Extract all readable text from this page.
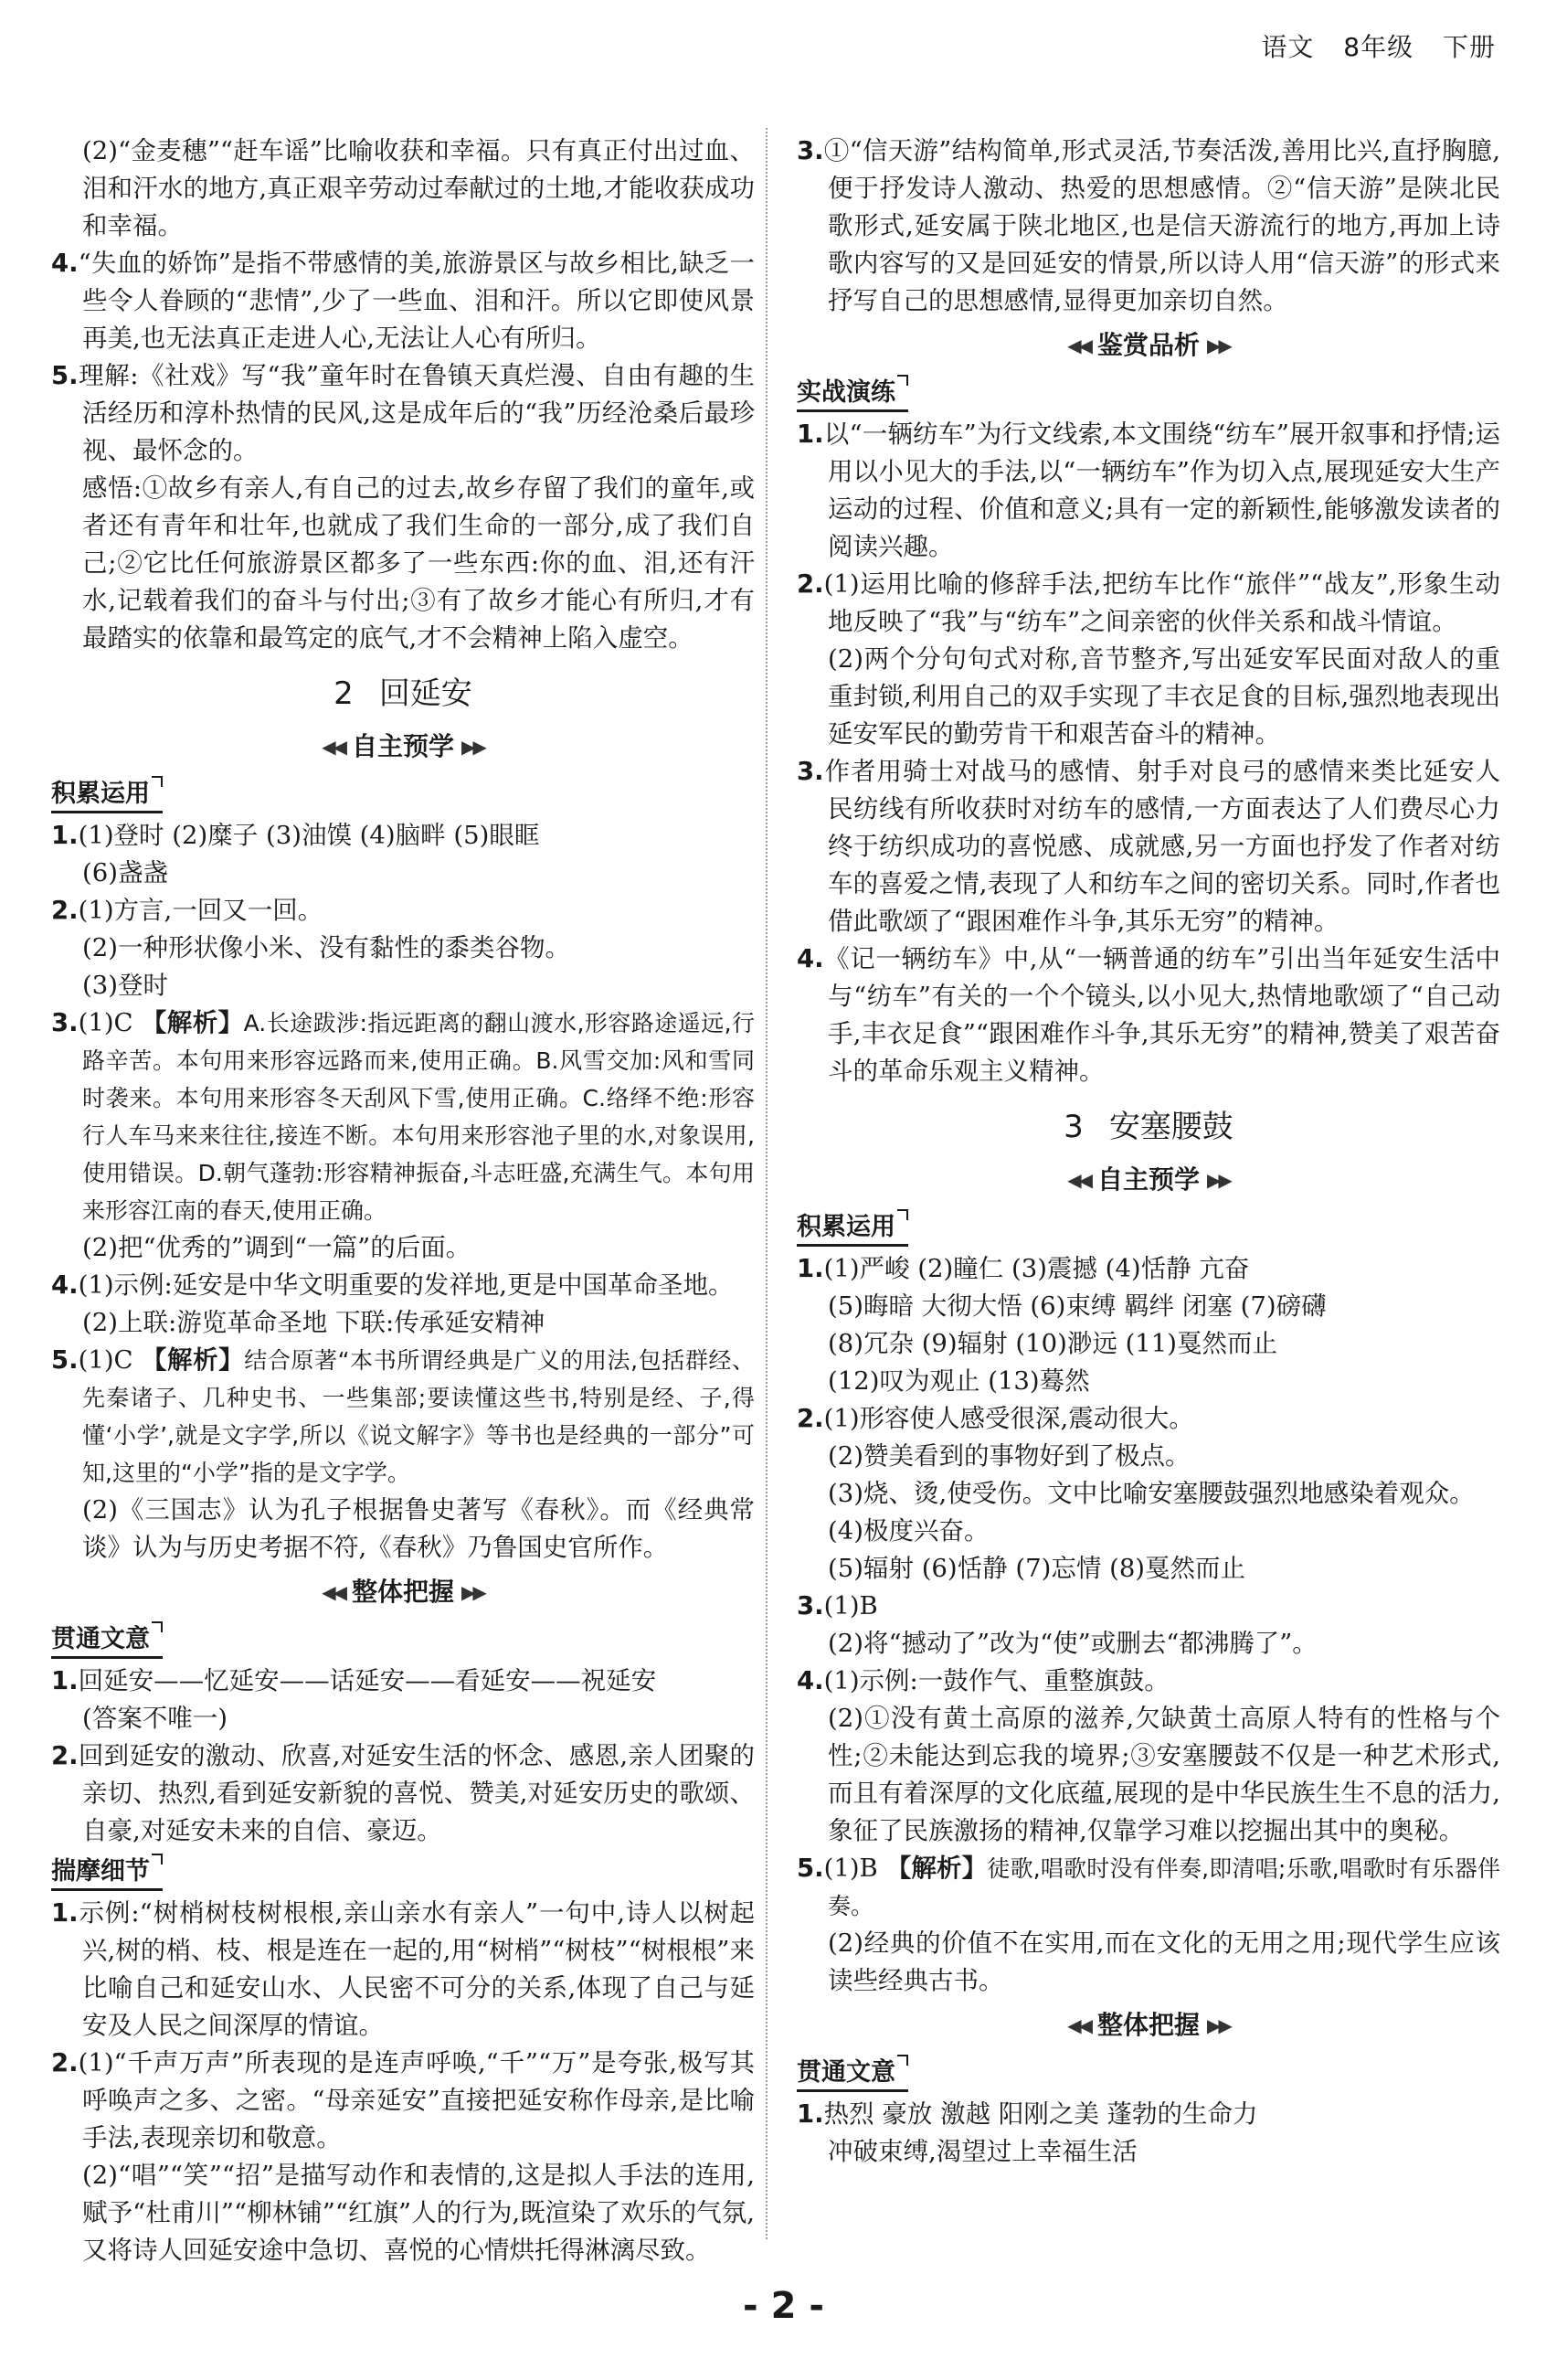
语文 8年级 下册

(2)“金麦穗”“赶车谣”比喻收获和幸福。只有真正付出过血、泪和汗水的地方,真正艰辛劳动过奉献过的土地,才能收获成功和幸福。

4.“失血的娇饰”是指不带感情的美,旅游景区与故乡相比,缺乏一些令人眷顾的“悲情”,少了一些血、泪和汗。所以它即使风景再美,也无法真正走进人心,无法让人心有所归。

5.理解:《社戏》写“我”童年时在鲁镇天真烂漫、自由有趣的生活经历和淳朴热情的民风,这是成年后的“我”历经沧桑后最珍视、最怀念的。

感悟:①故乡有亲人,有自己的过去,故乡存留了我们的童年,或者还有青年和壮年,也就成了我们生命的一部分,成了我们自己;②它比任何旅游景区都多了一些东西:你的血、泪,还有汗水,记载着我们的奋斗与付出;③有了故乡才能心有所归,才有最踏实的依靠和最笃定的底气,才不会精神上陷入虚空。

2 回延安
◀◀ 自主预学 ▶▶
积累运用

1.(1)登时 (2)糜子 (3)油馍 (4)脑畔 (5)眼眶

(6)盏盏

2.(1)方言,一回又一回。

(2)一种形状像小米、没有黏性的黍类谷物。

(3)登时

3.(1)C 【解析】A.长途跋涉:指远距离的翻山渡水,形容路途遥远,行路辛苦。本句用来形容远路而来,使用正确。B.风雪交加:风和雪同时袭来。本句用来形容冬天刮风下雪,使用正确。C.络绎不绝:形容行人车马来来往往,接连不断。本句用来形容池子里的水,对象误用,使用错误。D.朝气蓬勃:形容精神振奋,斗志旺盛,充满生气。本句用来形容江南的春天,使用正确。

(2)把“优秀的”调到“一篇”的后面。

4.(1)示例:延安是中华文明重要的发祥地,更是中国革命圣地。

(2)上联:游览革命圣地 下联:传承延安精神

5.(1)C 【解析】结合原著“本书所谓经典是广义的用法,包括群经、先秦诸子、几种史书、一些集部;要读懂这些书,特别是经、子,得懂‘小学’,就是文字学,所以《说文解字》等书也是经典的一部分”可知,这里的“小学”指的是文字学。

(2)《三国志》认为孔子根据鲁史著写《春秋》。而《经典常谈》认为与历史考据不符,《春秋》乃鲁国史官所作。

◀◀ 整体把握 ▶▶
贯通文意

1.回延安——忆延安——话延安——看延安——祝延安

(答案不唯一)

2.回到延安的激动、欣喜,对延安生活的怀念、感恩,亲人团聚的亲切、热烈,看到延安新貌的喜悦、赞美,对延安历史的歌颂、自豪,对延安未来的自信、豪迈。

揣摩细节

1.示例:“树梢树枝树根根,亲山亲水有亲人”一句中,诗人以树起兴,树的梢、枝、根是连在一起的,用“树梢”“树枝”“树根根”来比喻自己和延安山水、人民密不可分的关系,体现了自己与延安及人民之间深厚的情谊。

2.(1)“千声万声”所表现的是连声呼唤,“千”“万”是夸张,极写其呼唤声之多、之密。“母亲延安”直接把延安称作母亲,是比喻手法,表现亲切和敬意。

(2)“唱”“笑”“招”是描写动作和表情的,这是拟人手法的连用,赋予“杜甫川”“柳林铺”“红旗”人的行为,既渲染了欢乐的气氛,又将诗人回延安途中急切、喜悦的心情烘托得淋漓尽致。

3.①“信天游”结构简单,形式灵活,节奏活泼,善用比兴,直抒胸臆,便于抒发诗人激动、热爱的思想感情。②“信天游”是陕北民歌形式,延安属于陕北地区,也是信天游流行的地方,再加上诗歌内容写的又是回延安的情景,所以诗人用“信天游”的形式来抒写自己的思想感情,显得更加亲切自然。

◀◀ 鉴赏品析 ▶▶
实战演练

1.以“一辆纺车”为行文线索,本文围绕“纺车”展开叙事和抒情;运用以小见大的手法,以“一辆纺车”作为切入点,展现延安大生产运动的过程、价值和意义;具有一定的新颖性,能够激发读者的阅读兴趣。

2.(1)运用比喻的修辞手法,把纺车比作“旅伴”“战友”,形象生动地反映了“我”与“纺车”之间亲密的伙伴关系和战斗情谊。

(2)两个分句句式对称,音节整齐,写出延安军民面对敌人的重重封锁,利用自己的双手实现了丰衣足食的目标,强烈地表现出延安军民的勤劳肯干和艰苦奋斗的精神。

3.作者用骑士对战马的感情、射手对良弓的感情来类比延安人民纺线有所收获时对纺车的感情,一方面表达了人们费尽心力终于纺织成功的喜悦感、成就感,另一方面也抒发了作者对纺车的喜爱之情,表现了人和纺车之间的密切关系。同时,作者也借此歌颂了“跟困难作斗争,其乐无穷”的精神。

4.《记一辆纺车》中,从“一辆普通的纺车”引出当年延安生活中与“纺车”有关的一个个镜头,以小见大,热情地歌颂了“自己动手,丰衣足食”“跟困难作斗争,其乐无穷”的精神,赞美了艰苦奋斗的革命乐观主义精神。

3 安塞腰鼓
◀◀ 自主预学 ▶▶
积累运用

1.(1)严峻 (2)瞳仁 (3)震撼 (4)恬静 亢奋

(5)晦暗 大彻大悟 (6)束缚 羁绊 闭塞 (7)磅礴

(8)冗杂 (9)辐射 (10)渺远 (11)戛然而止

(12)叹为观止 (13)蓦然

2.(1)形容使人感受很深,震动很大。

(2)赞美看到的事物好到了极点。

(3)烧、烫,使受伤。文中比喻安塞腰鼓强烈地感染着观众。

(4)极度兴奋。

(5)辐射 (6)恬静 (7)忘情 (8)戛然而止

3.(1)B

(2)将“撼动了”改为“使”或删去“都沸腾了”。

4.(1)示例:一鼓作气、重整旗鼓。

(2)①没有黄土高原的滋养,欠缺黄土高原人特有的性格与个性;②未能达到忘我的境界;③安塞腰鼓不仅是一种艺术形式,而且有着深厚的文化底蕴,展现的是中华民族生生不息的活力,象征了民族激扬的精神,仅靠学习难以挖掘出其中的奥秘。

5.(1)B 【解析】徒歌,唱歌时没有伴奏,即清唱;乐歌,唱歌时有乐器伴奏。

(2)经典的价值不在实用,而在文化的无用之用;现代学生应该读些经典古书。

◀◀ 整体把握 ▶▶
贯通文意

1.热烈 豪放 激越 阳刚之美 蓬勃的生命力

冲破束缚,渴望过上幸福生活

- 2 -
